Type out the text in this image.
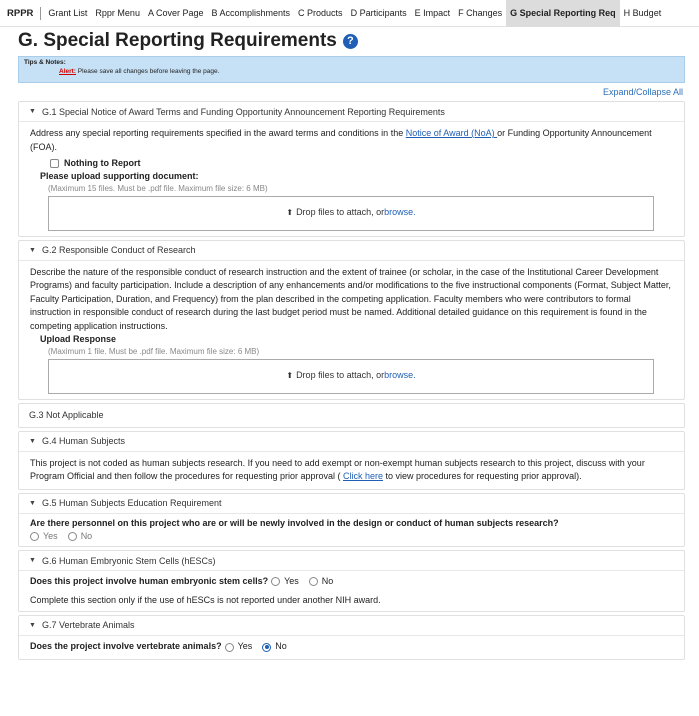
RPPR	Grant List Rppr Menu A Cover Page B Accomplishments C Products D Participants E Impact F Changes G Special Reporting Req H Budget
G. Special Reporting Requirements ?
Tips & Notes:
Alert: Please save all changes before leaving the page.
Expand/Collapse All
▼ G.1 Special Notice of Award Terms and Funding Opportunity Announcement Reporting Requirements

Address any special reporting requirements specified in the award terms and conditions in the Notice of Award (NoA) or Funding Opportunity Announcement (FOA).

Nothing to Report
Please upload supporting document:
(Maximum 15 files. Must be .pdf file. Maximum file size: 6 MB)
⬆ Drop files to attach, or browse.
▼ G.2 Responsible Conduct of Research

Describe the nature of the responsible conduct of research instruction and the extent of trainee (or scholar, in the case of the Institutional Career Development Programs) and faculty participation. Include a description of any enhancements and/or modifications to the five instructional components (Format, Subject Matter, Faculty Participation, Duration, and Frequency) from the plan described in the competing application. Faculty members who were contributors to formal instruction in responsible conduct of research during the last budget period must be named. Additional detailed guidance on this requirement is found in the competing application instructions.

Upload Response
(Maximum 1 file. Must be .pdf file. Maximum file size: 6 MB)
⬆ Drop files to attach, or browse.
G.3 Not Applicable
▼ G.4 Human Subjects

This project is not coded as human subjects research. If you need to add exempt or non-exempt human subjects research to this project, discuss with your Program Official and then follow the procedures for requesting prior approval ( Click here to view procedures for requesting prior approval).

▼ G.5 Human Subjects Education Requirement
Are there personnel on this project who are or will be newly involved in the design or conduct of human subjects research?
Yes	No
▼ G.6 Human Embryonic Stem Cells (hESCs)
Does this project involve human embryonic stem cells? Yes	No
Complete this section only if the use of hESCs is not reported under another NIH award.
▼ G.7 Vertebrate Animals
Does the project involve vertebrate animals? Yes	No
